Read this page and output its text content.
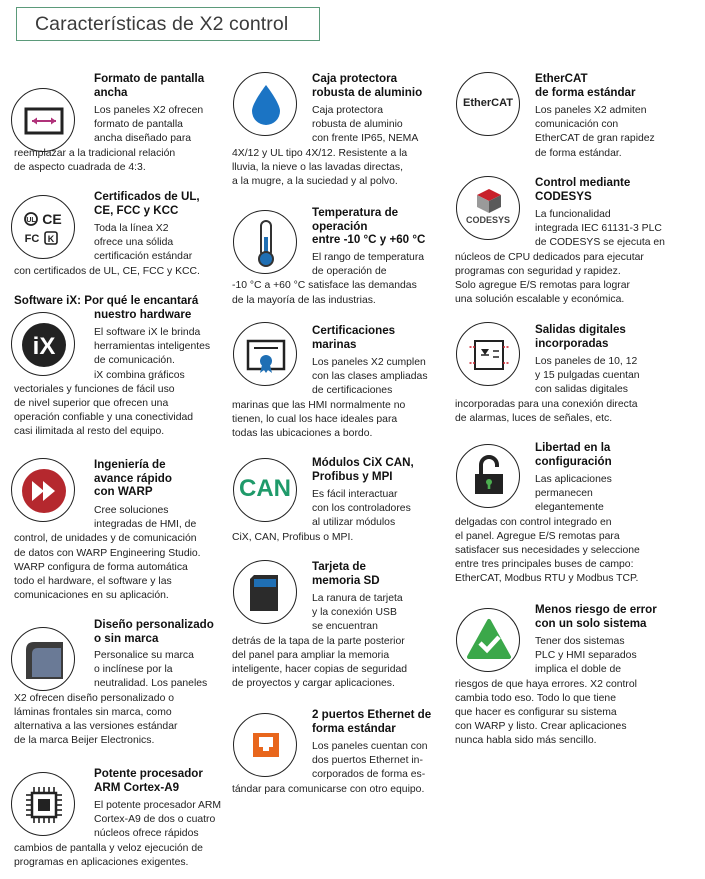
Características de X2 control
Formato de pantalla
ancha
Los paneles X2 ofrecen
formato de pantalla
ancha diseñado para
reemplazar a la tradicional relación
de aspecto cuadrada de 4:3.
UL CE
FC K
Certificados de UL,
CE, FCC y KCC
Toda la línea X2
ofrece una sólida
certificación estándar
con certificados de UL, CE, FCC y KCC.
iX
Software iX: Por qué le encantará
nuestro hardware
El software iX le brinda
herramientas inteligentes
de comunicación.
iX combina gráficos
vectoriales y funciones de fácil uso
de nivel superior que ofrecen una
operación confiable y una conectividad
casi ilimitada al resto del equipo.
Ingeniería de
avance rápido
con WARP
Cree soluciones
integradas de HMI, de
control, de unidades y de comunicación
de datos con WARP Engineering Studio.
WARP configura de forma automática
todo el hardware, el software y las
comunicaciones en su aplicación.
Diseño personalizado
o sin marca
Personalice su marca
o inclínese por la
neutralidad. Los paneles
X2 ofrecen diseño personalizado o
láminas frontales sin marca, como
alternativa a las versiones estándar
de la marca Beijer Electronics.
Potente procesador
ARM Cortex-A9
El potente procesador ARM
Cortex-A9 de dos o cuatro
núcleos ofrece rápidos
cambios de pantalla y veloz ejecución de
programas en aplicaciones exigentes.
Caja protectora
robusta de aluminio
Caja protectora
robusta de aluminio
con frente IP65, NEMA
4X/12 y UL tipo 4X/12. Resistente a la
lluvia, la nieve o las lavadas directas,
a la mugre, a la suciedad y al polvo.
Temperatura de
operación
entre -10 °C y +60 °C
El rango de temperatura
de operación de
-10 °C a +60 °C satisface las demandas
de la mayoría de las industrias.
Certificaciones
marinas
Los paneles X2 cumplen
con las clases ampliadas
de certificaciones
marinas que las HMI normalmente no
tienen, lo cual los hace ideales para
todas las ubicaciones a bordo.
CAN
Módulos CiX CAN,
Profibus y MPI
Es fácil interactuar
con los controladores
al utilizar módulos
CiX, CAN, Profibus o MPI.
Tarjeta de
memoria SD
La ranura de tarjeta
y la conexión USB
se encuentran
detrás de la tapa de la parte posterior
del panel para ampliar la memoria
inteligente, hacer copias de seguridad
de proyectos y cargar aplicaciones.
2 puertos Ethernet de
forma estándar
Los paneles cuentan con
dos puertos Ethernet in-
corporados de forma es-
tándar para comunicarse con otro equipo.
EtherCAT
EtherCAT
de forma estándar
Los paneles X2 admiten
comunicación con
EtherCAT de gran rapidez
de forma estándar.
CODESYS
Control mediante
CODESYS
La funcionalidad
integrada IEC 61131-3 PLC
de CODESYS se ejecuta en
núcleos de CPU dedicados para ejecutar
programas con seguridad y rapidez.
Solo agregue E/S remotas para lograr
una solución escalable y económica.
Salidas digitales
incorporadas
Los paneles de 10, 12
y 15 pulgadas cuentan
con salidas digitales
incorporadas para una conexión directa
de alarmas, luces de señales, etc.
Libertad en la
configuración
Las aplicaciones
permanecen
elegantemente
delgadas con control integrado en
el panel. Agregue E/S remotas para
satisfacer sus necesidades y seleccione
entre tres principales buses de campo:
EtherCAT, Modbus RTU y Modbus TCP.
Menos riesgo de error
con un solo sistema
Tener dos sistemas
PLC y HMI separados
implica el doble de
riesgos de que haya errores. X2 control
cambia todo eso. Todo lo que tiene
que hacer es configurar su sistema
con WARP y listo. Crear aplicaciones
nunca habla sido más sencillo.
